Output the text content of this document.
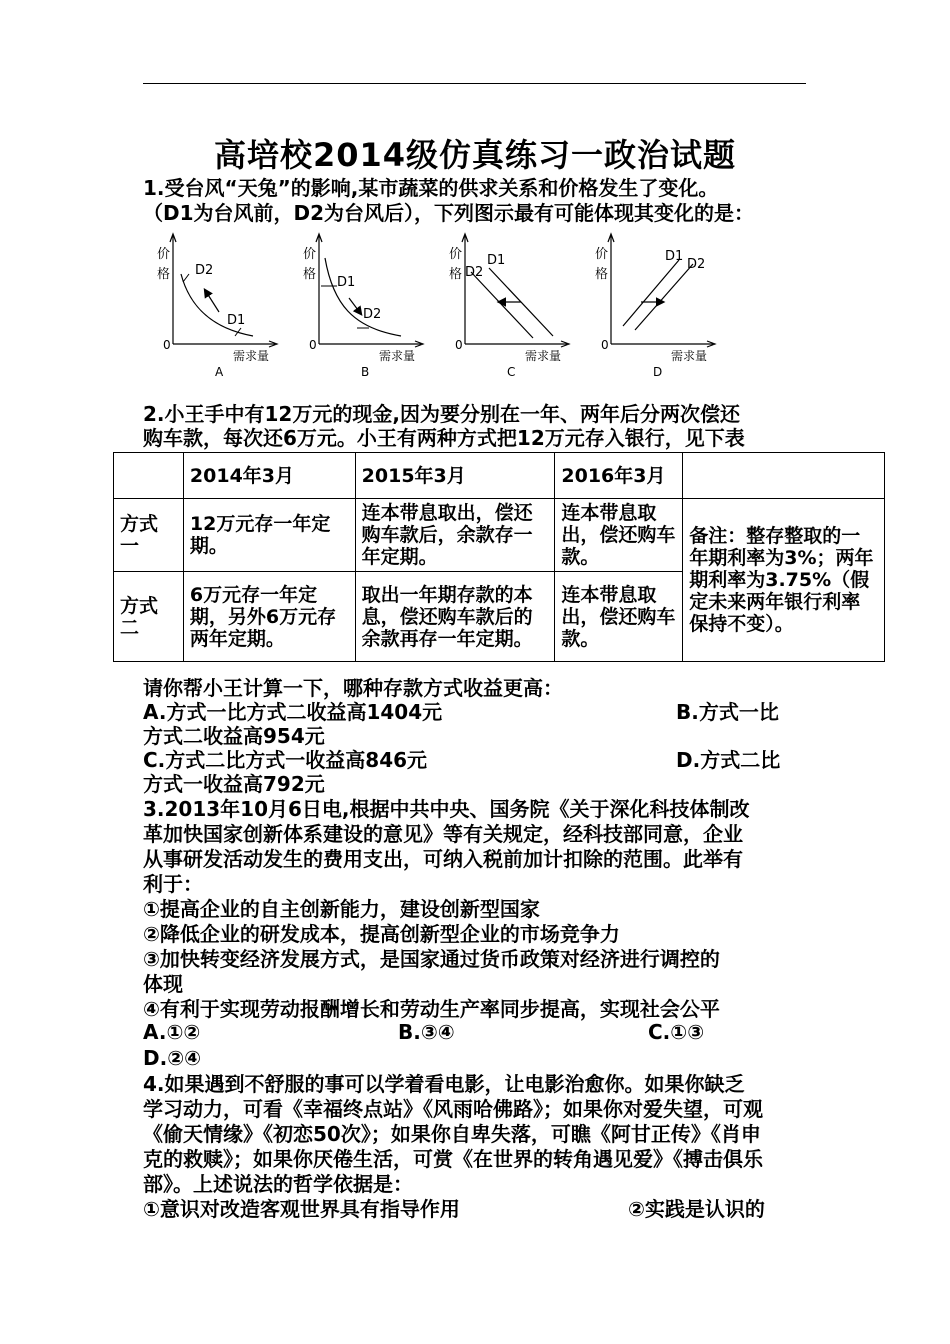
高培校2014级仿真练习一政治试题
1.受台风“天兔”的影响,某市蔬菜的供求关系和价格发生了变化。
（D1为台风前，D2为台风后），下列图示最有可能体现其变化的是：
价
格
0
需求量
D2
D1
A
价
格
0
需求量
D1
D2
B
价
格
0
需求量
D2
D1
C
价
格
0
需求量
D1
D2
D
2.小王手中有12万元的现金,因为要分别在一年、两年后分两次偿还
购车款，每次还6万元。小王有两种方式把12万元存入银行，见下表
	2014年3月	2015年3月	2016年3月	
方式一	12万元存一年定期。	连本带息取出，偿还购车款后，余款存一年定期。	连本带息取出，偿还购车款。	备注：整存整取的一年期利率为3%；两年期利率为3.75%（假定未来两年银行利率保持不变）。
方式二	6万元存一年定期，另外6万元存两年定期。	取出一年期存款的本息，偿还购车款后的余款再存一年定期。	连本带息取出，偿还购车款。	
请你帮小王计算一下，哪种存款方式收益更高：
A.方式一比方式二收益高1404元	B.方式一比
方式二收益高954元
C.方式二比方式一收益高846元	D.方式二比
方式一收益高792元
3.2013年10月6日电,根据中共中央、国务院《关于深化科技体制改
革加快国家创新体系建设的意见》等有关规定，经科技部同意，企业
从事研发活动发生的费用支出，可纳入税前加计扣除的范围。此举有
利于：
①提高企业的自主创新能力，建设创新型国家
②降低企业的研发成本，提高创新型企业的市场竞争力
③加快转变经济发展方式，是国家通过货币政策对经济进行调控的
体现
④有利于实现劳动报酬增长和劳动生产率同步提高，实现社会公平
A.①②	B.③④	C.①③
D.②④
4.如果遇到不舒服的事可以学着看电影，让电影治愈你。如果你缺乏
学习动力，可看《幸福终点站》《风雨哈佛路》；如果你对爱失望，可观
《偷天情缘》《初恋50次》；如果你自卑失落，可瞧《阿甘正传》《肖申
克的救赎》；如果你厌倦生活，可赏《在世界的转角遇见爱》《搏击俱乐
部》。上述说法的哲学依据是：
①意识对改造客观世界具有指导作用	②实践是认识的
